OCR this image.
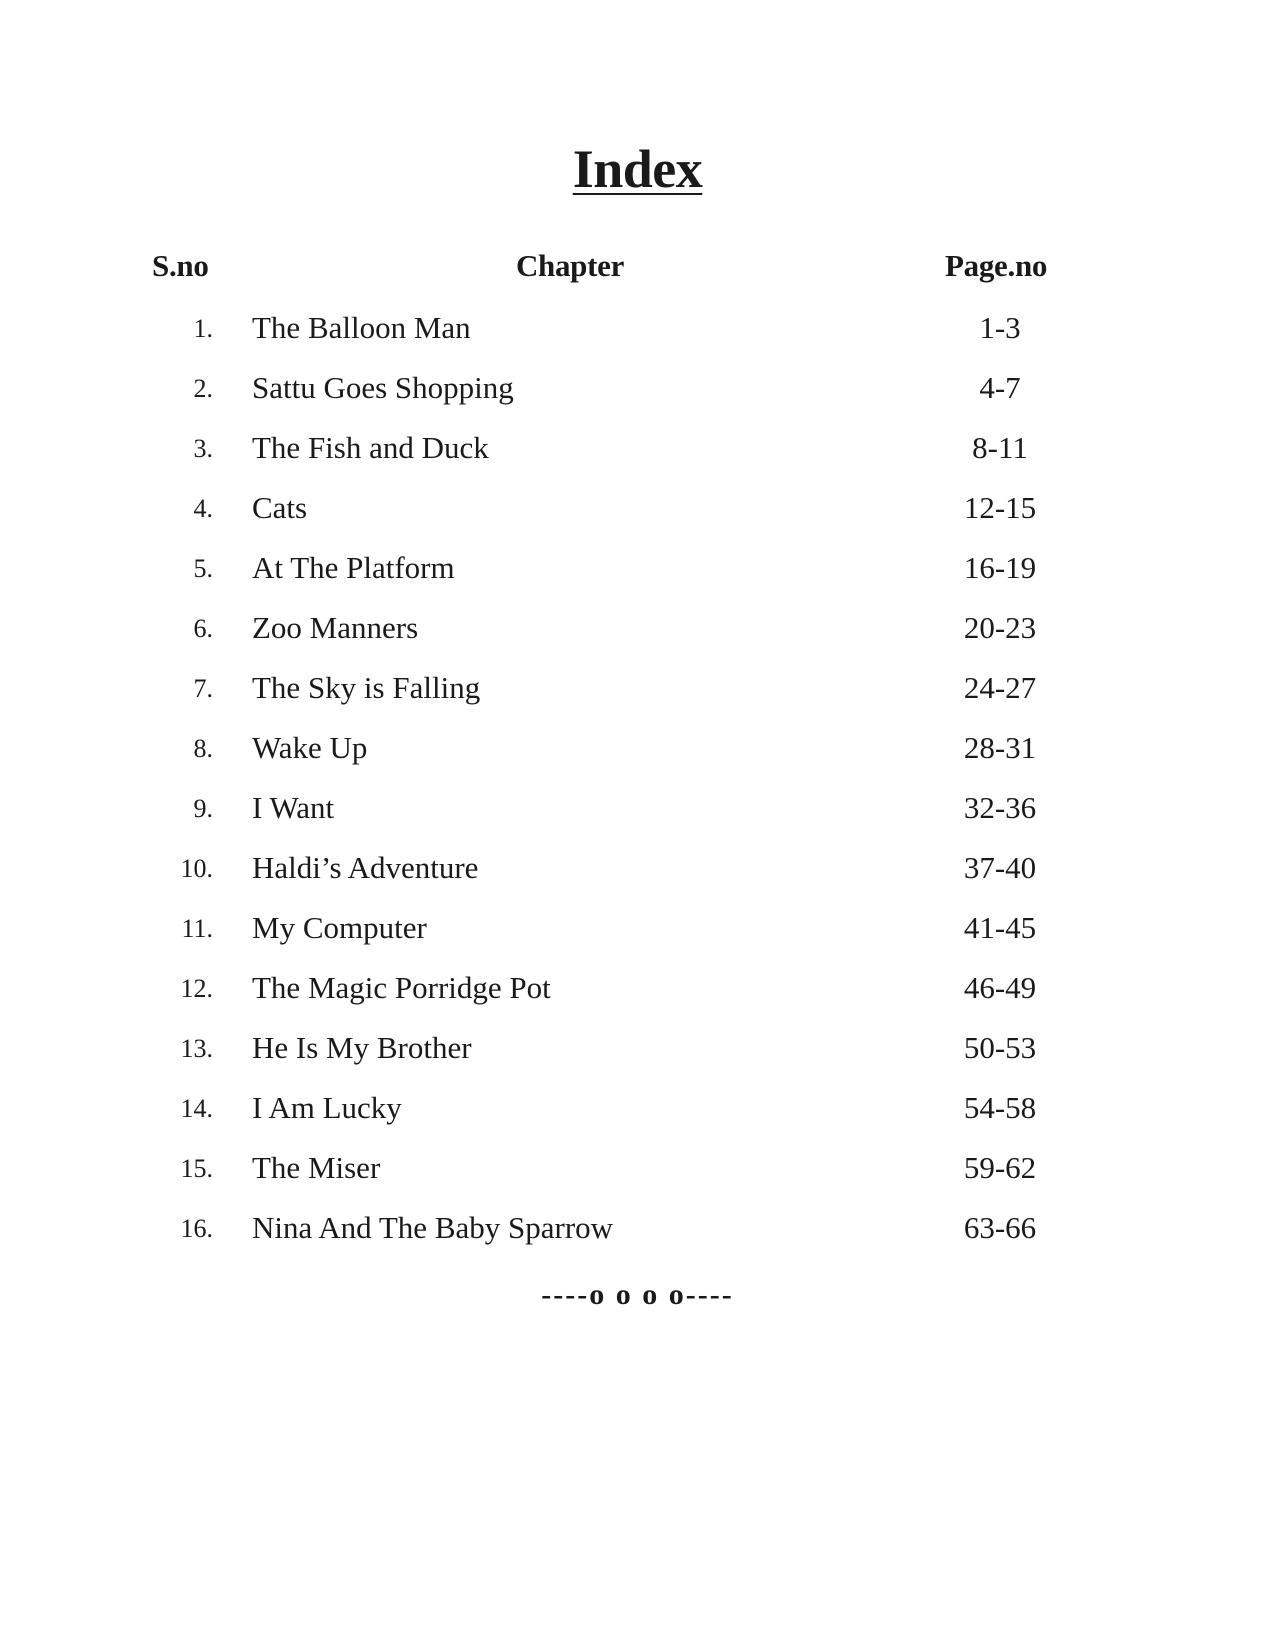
Index
S.no	Chapter	Page.no
1. The Balloon Man	1-3
2. Sattu Goes Shopping	4-7
3. The Fish and Duck	8-11
4. Cats	12-15
5. At The Platform	16-19
6. Zoo Manners	20-23
7. The Sky is Falling	24-27
8. Wake Up	28-31
9. I Want	32-36
10. Haldi’s Adventure	37-40
11. My Computer	41-45
12. The Magic Porridge Pot	46-49
13. He Is My Brother	50-53
14. I Am Lucky	54-58
15. The Miser	59-62
16. Nina And The Baby Sparrow	63-66
----o o o o----
